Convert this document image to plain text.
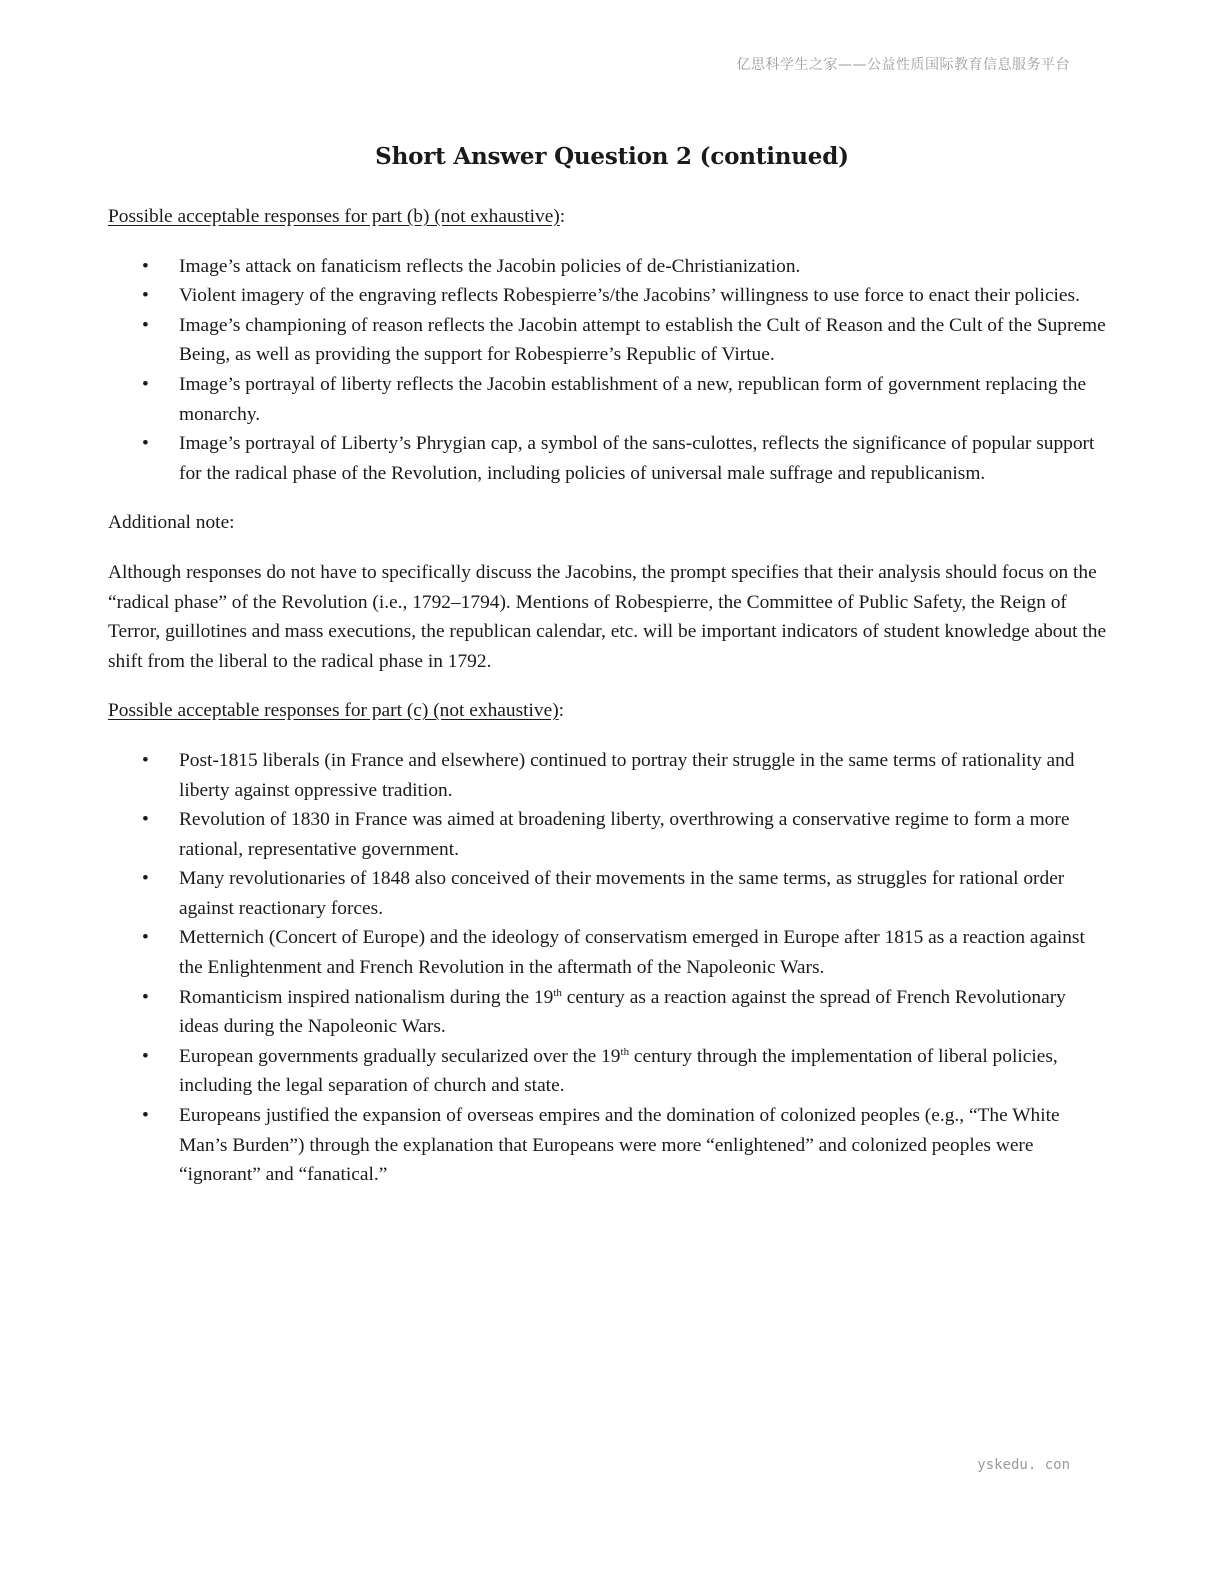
亿思科学生之家——公益性质国际教育信息服务平台
Short Answer Question 2 (continued)

Possible acceptable responses for part (b) (not exhaustive):

• Image’s attack on fanaticism reflects the Jacobin policies of de-Christianization.
• Violent imagery of the engraving reflects Robespierre’s/the Jacobins’ willingness to use force to enact their policies.
• Image’s championing of reason reflects the Jacobin attempt to establish the Cult of Reason and the Cult of the Supreme Being, as well as providing the support for Robespierre’s Republic of Virtue.
• Image’s portrayal of liberty reflects the Jacobin establishment of a new, republican form of government replacing the monarchy.
• Image’s portrayal of Liberty’s Phrygian cap, a symbol of the sans-culottes, reflects the significance of popular support for the radical phase of the Revolution, including policies of universal male suffrage and republicanism.

Additional note:

Although responses do not have to specifically discuss the Jacobins, the prompt specifies that their analysis should focus on the “radical phase” of the Revolution (i.e., 1792–1794). Mentions of Robespierre, the Committee of Public Safety, the Reign of Terror, guillotines and mass executions, the republican calendar, etc. will be important indicators of student knowledge about the shift from the liberal to the radical phase in 1792.

Possible acceptable responses for part (c) (not exhaustive):

• Post-1815 liberals (in France and elsewhere) continued to portray their struggle in the same terms of rationality and liberty against oppressive tradition.
• Revolution of 1830 in France was aimed at broadening liberty, overthrowing a conservative regime to form a more rational, representative government.
• Many revolutionaries of 1848 also conceived of their movements in the same terms, as struggles for rational order against reactionary forces.
• Metternich (Concert of Europe) and the ideology of conservatism emerged in Europe after 1815 as a reaction against the Enlightenment and French Revolution in the aftermath of the Napoleonic Wars.
• Romanticism inspired nationalism during the 19th century as a reaction against the spread of French Revolutionary ideas during the Napoleonic Wars.
• European governments gradually secularized over the 19th century through the implementation of liberal policies, including the legal separation of church and state.
• Europeans justified the expansion of overseas empires and the domination of colonized peoples (e.g., “The White Man’s Burden”) through the explanation that Europeans were more “enlightened” and colonized peoples were “ignorant” and “fanatical.”
yskedu. con
